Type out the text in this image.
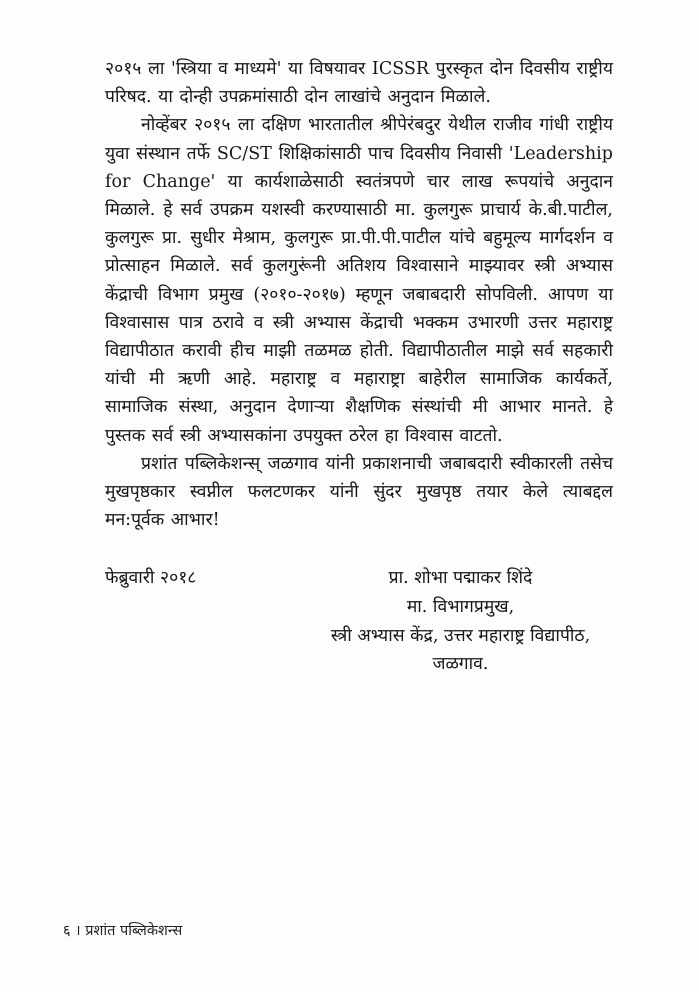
२०१५ ला 'स्त्रिया व माध्यमे' या विषयावर ICSSR पुरस्कृत दोन दिवसीय राष्ट्रीय परिषद. या दोन्ही उपक्रमांसाठी दोन लाखांचे अनुदान मिळाले.

नोव्हेंबर २०१५ ला दक्षिण भारतातील श्रीपेरंबदुर येथील राजीव गांधी राष्ट्रीय युवा संस्थान तर्फे SC/ST शिक्षिकांसाठी पाच दिवसीय निवासी 'Leadership for Change' या कार्यशाळेसाठी स्वतंत्रपणे चार लाख रूपयांचे अनुदान मिळाले. हे सर्व उपक्रम यशस्वी करण्यासाठी मा. कुलगुरू प्राचार्य के.बी.पाटील, कुलगुरू प्रा. सुधीर मेश्राम, कुलगुरू प्रा.पी.पी.पाटील यांचे बहुमूल्य मार्गदर्शन व प्रोत्साहन मिळाले. सर्व कुलगुरूंनी अतिशय विश्वासाने माझ्यावर स्त्री अभ्यास केंद्राची विभाग प्रमुख (२०१०-२०१७) म्हणून जबाबदारी सोपविली. आपण या विश्वासास पात्र ठरावे व स्त्री अभ्यास केंद्राची भक्कम उभारणी उत्तर महाराष्ट्र विद्यापीठात करावी हीच माझी तळमळ होती. विद्यापीठातील माझे सर्व सहकारी यांची मी ऋणी आहे. महाराष्ट्र व महाराष्ट्रा बाहेरील सामाजिक कार्यकर्ते, सामाजिक संस्था, अनुदान देणाऱ्या शैक्षणिक संस्थांची मी आभार मानते. हे पुस्तक सर्व स्त्री अभ्यासकांना उपयुक्त ठरेल हा विश्वास वाटतो.

प्रशांत पब्लिकेशन्स् जळगाव यांनी प्रकाशनाची जबाबदारी स्वीकारली तसेच मुखपृष्ठकार स्वप्नील फलटणकर यांनी सुंदर मुखपृष्ठ तयार केले त्याबद्दल मन:पूर्वक आभार!

फेब्रुवारी २०१८	प्रा. शोभा पद्माकर शिंदे
मा. विभागप्रमुख,
स्त्री अभ्यास केंद्र, उत्तर महाराष्ट्र विद्यापीठ,
जळगाव.
६ । प्रशांत पब्लिकेशन्स
